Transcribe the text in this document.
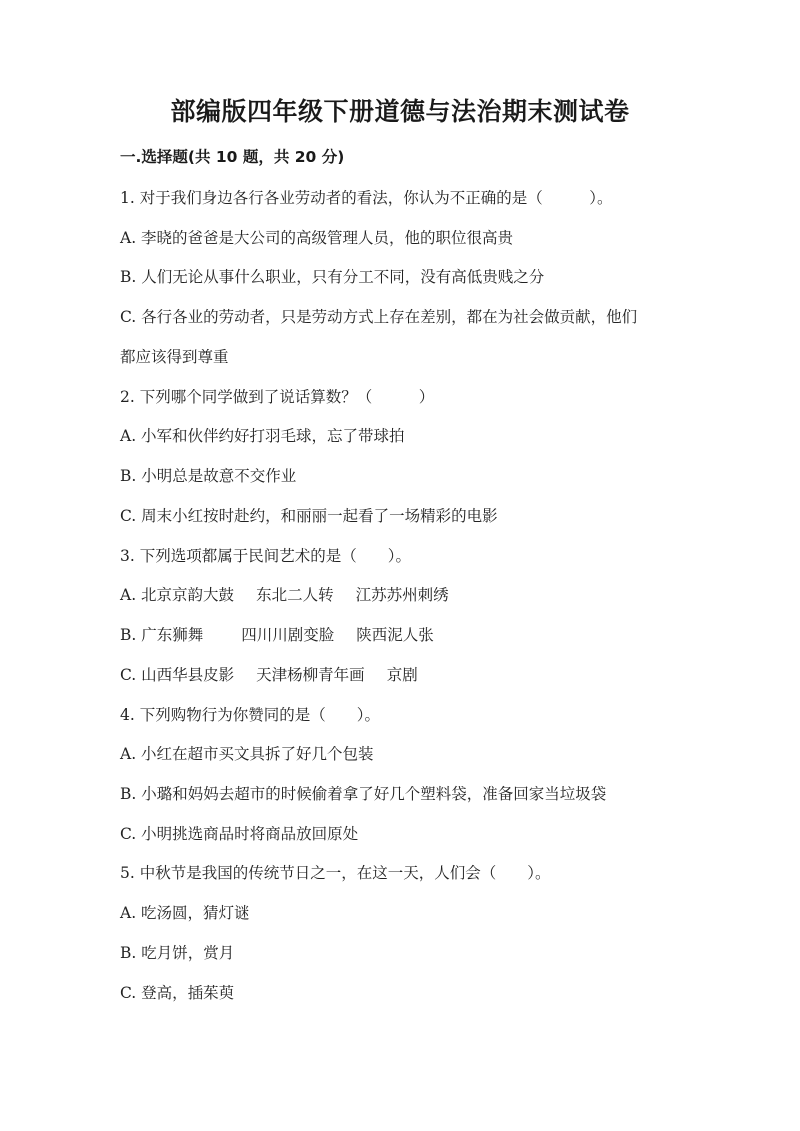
部编版四年级下册道德与法治期末测试卷
一.选择题(共 10 题，共 20 分)
1. 对于我们身边各行各业劳动者的看法，你认为不正确的是（　　　）。
A. 李晓的爸爸是大公司的高级管理人员，他的职位很高贵
B. 人们无论从事什么职业，只有分工不同，没有高低贵贱之分
C. 各行各业的劳动者，只是劳动方式上存在差别，都在为社会做贡献，他们
都应该得到尊重
2. 下列哪个同学做到了说话算数？（　　　）
A. 小军和伙伴约好打羽毛球，忘了带球拍
B. 小明总是故意不交作业
C. 周末小红按时赴约，和丽丽一起看了一场精彩的电影
3. 下列选项都属于民间艺术的是（　　）。
A. 北京京韵大鼓 东北二人转 江苏苏州刺绣
B. 广东狮舞 四川川剧变脸 陕西泥人张
C. 山西华县皮影 天津杨柳青年画 京剧
4. 下列购物行为你赞同的是（　　）。
A. 小红在超市买文具拆了好几个包装
B. 小璐和妈妈去超市的时候偷着拿了好几个塑料袋，准备回家当垃圾袋
C. 小明挑选商品时将商品放回原处
5. 中秋节是我国的传统节日之一，在这一天，人们会（　　）。
A. 吃汤圆，猜灯谜
B. 吃月饼，赏月
C. 登高，插茱萸
